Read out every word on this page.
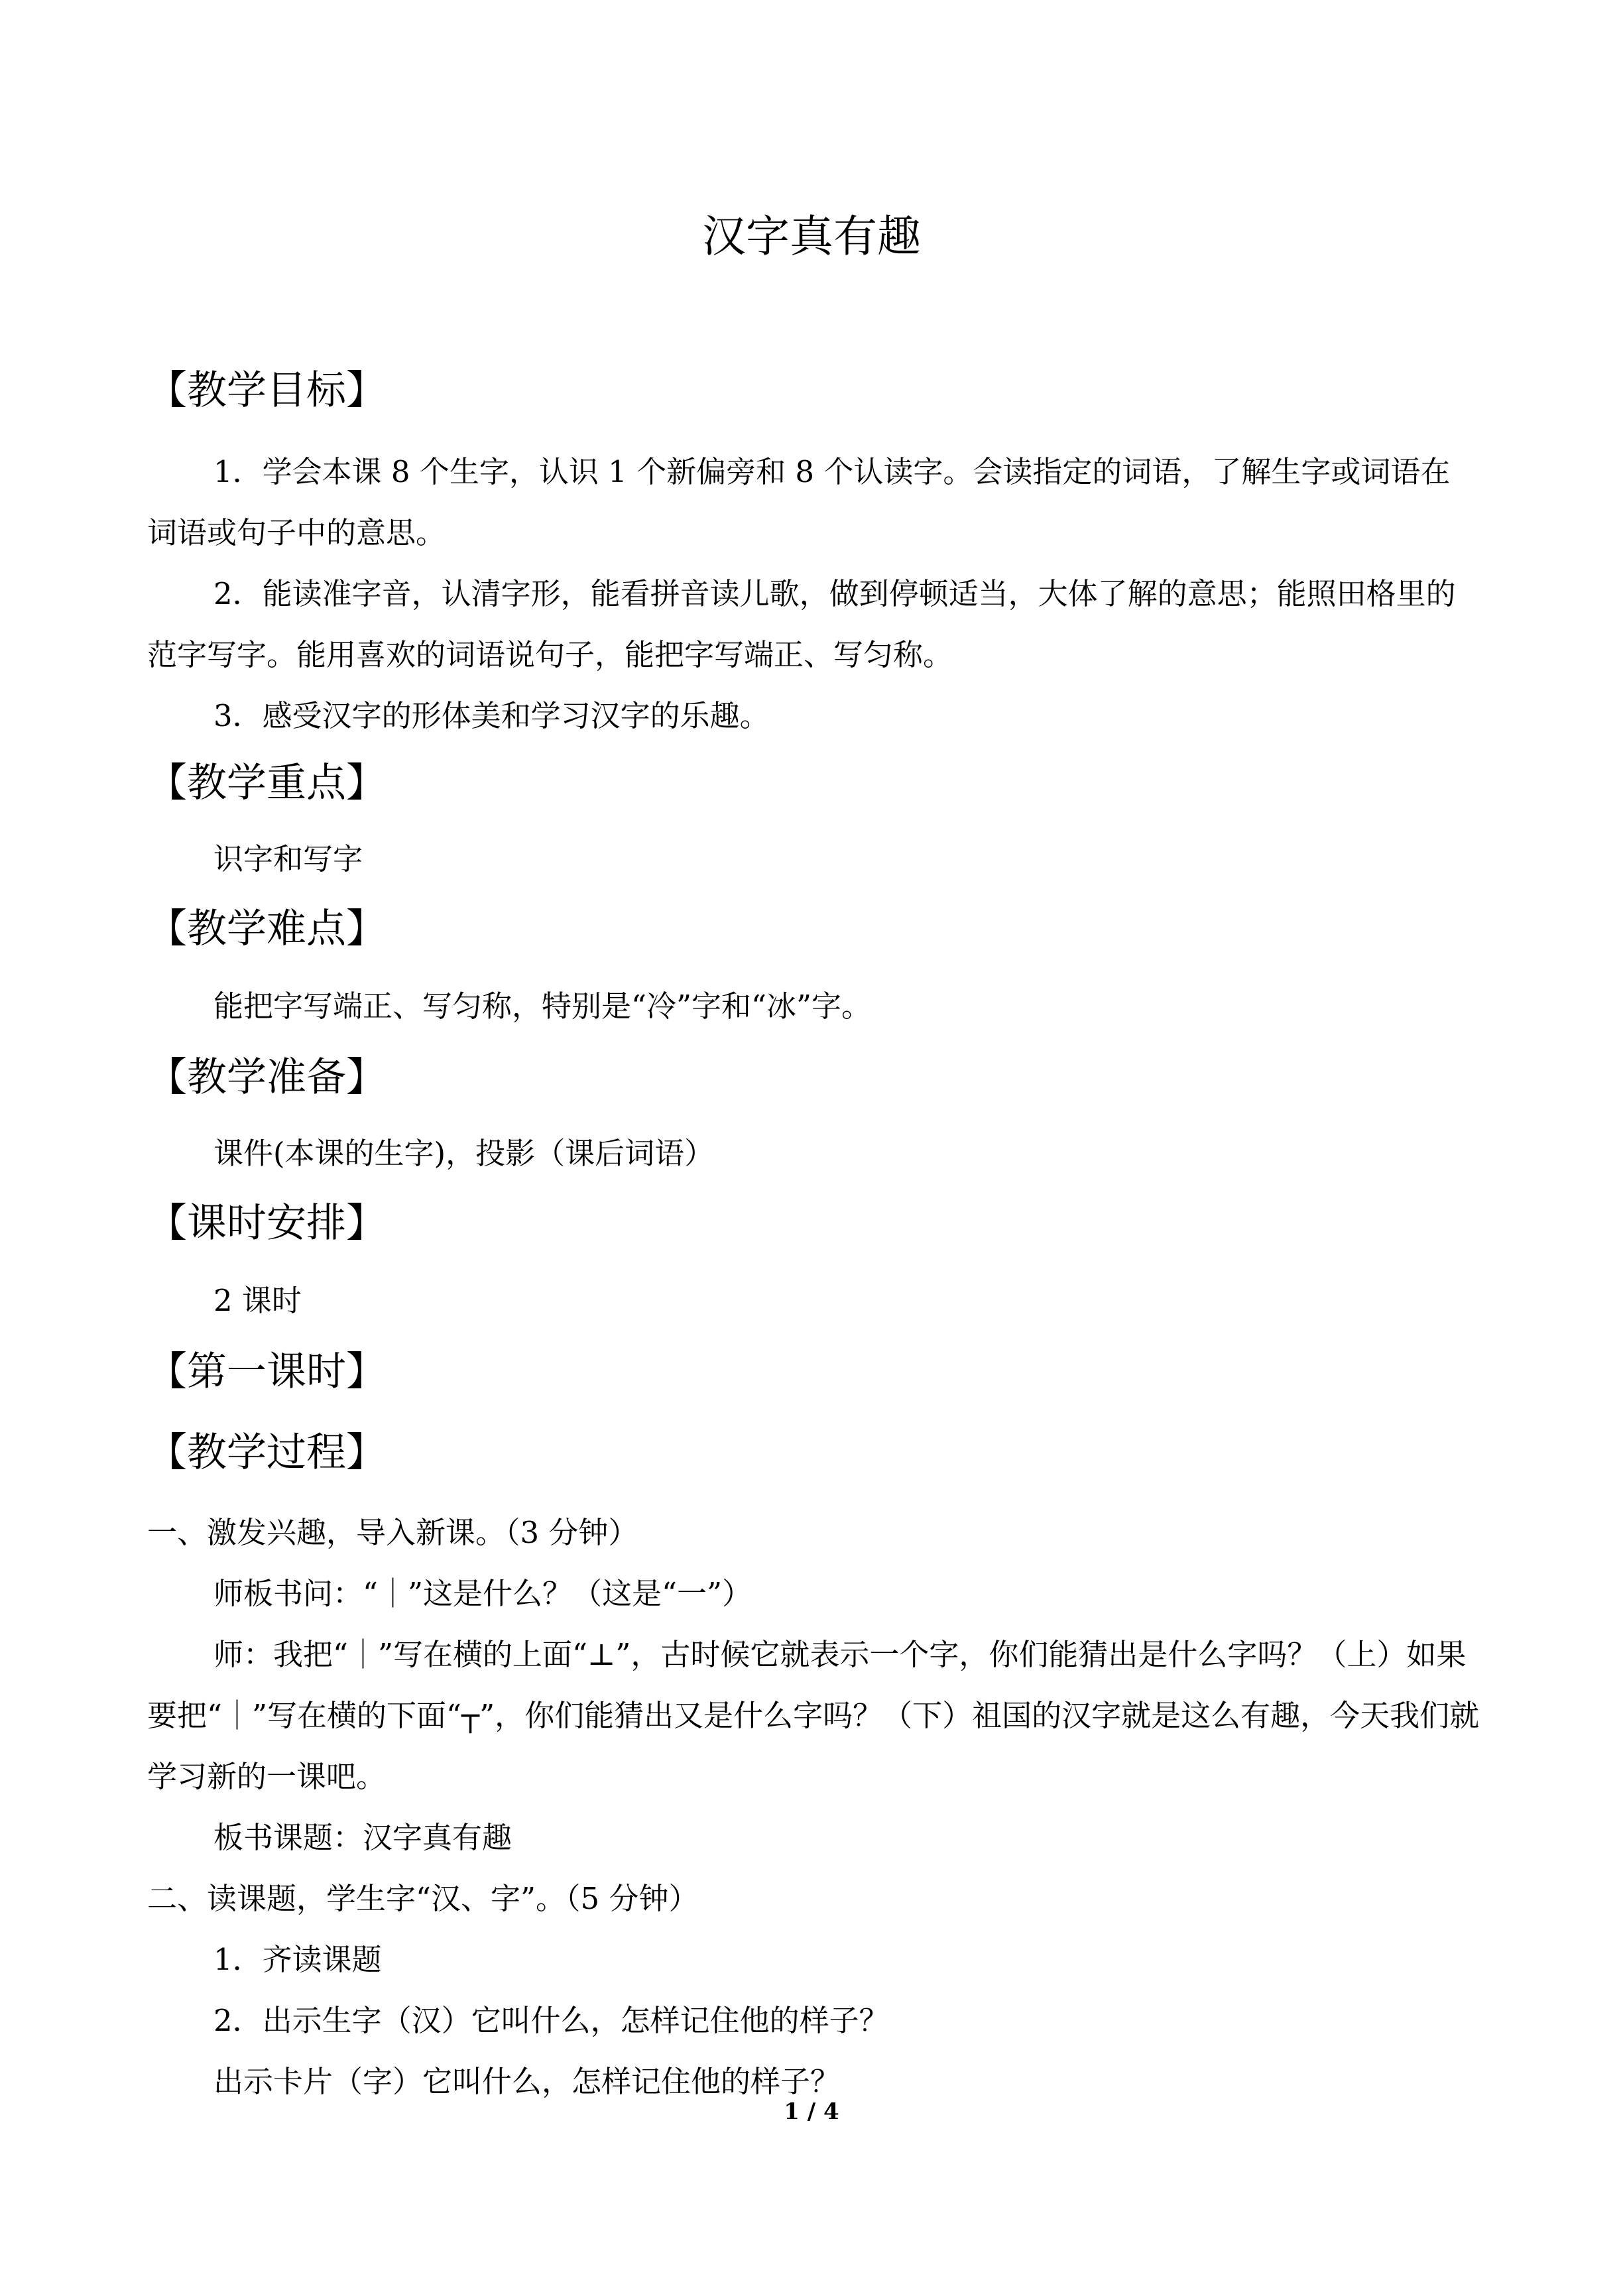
汉字真有趣
【教学目标】

1．学会本课 8 个生字，认识 1 个新偏旁和 8 个认读字。会读指定的词语，了解生字或词语在词语或句子中的意思。

2．能读准字音，认清字形，能看拼音读儿歌，做到停顿适当，大体了解的意思；能照田格里的范字写字。能用喜欢的词语说句子，能把字写端正、写匀称。

3．感受汉字的形体美和学习汉字的乐趣。

【教学重点】

识字和写字

【教学难点】

能把字写端正、写匀称，特别是“冷”字和“冰”字。

【教学准备】

课件(本课的生字)，投影（课后词语）

【课时安排】

2 课时

【第一课时】
【教学过程】

一、激发兴趣，导入新课。（3 分钟）

师板书问：“｜”这是什么？（这是“一”）

师：我把“｜”写在横的上面“⊥”，古时候它就表示一个字，你们能猜出是什么字吗？（上）如果要把“｜”写在横的下面“┬”，你们能猜出又是什么字吗？（下）祖国的汉字就是这么有趣，今天我们就学习新的一课吧。

板书课题：汉字真有趣

二、读课题，学生字“汉、字”。（5 分钟）

1．齐读课题

2．出示生字（汉）它叫什么，怎样记住他的样子？

出示卡片（字）它叫什么，怎样记住他的样子？

1 / 4
